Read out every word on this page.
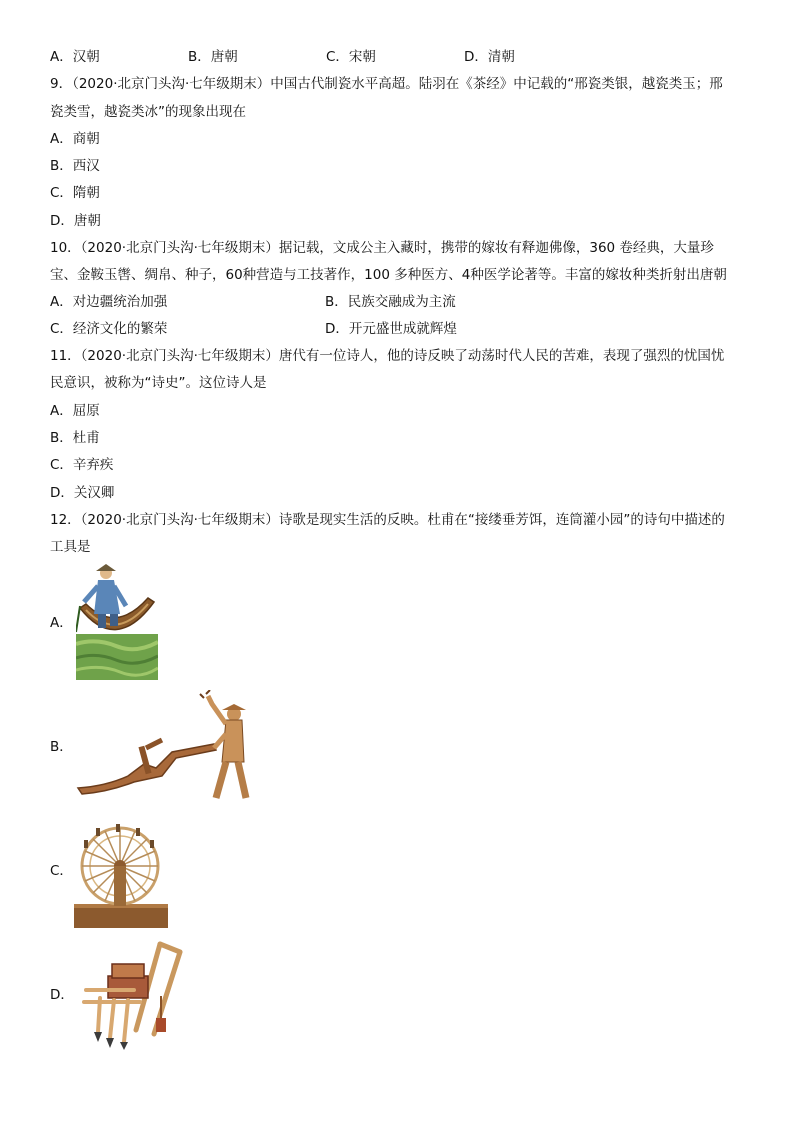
A．汉朝	B．唐朝	C．宋朝	D．清朝
9．（2020·北京门头沟·七年级期末）中国古代制瓷水平高超。陆羽在《茶经》中记载的“邢瓷类银，越瓷类玉；邢
瓷类雪，越瓷类冰”的现象出现在
A．商朝
B．西汉
C．隋朝
D．唐朝
10．（2020·北京门头沟·七年级期末）据记载，文成公主入藏时，携带的嫁妆有释迦佛像，360 卷经典，大量珍
宝、金鞍玉辔、绸帛、种子，60种营造与工技著作，100 多种医方、4种医学论著等。丰富的嫁妆种类折射出唐朝
A．对边疆统治加强	B．民族交融成为主流
C．经济文化的繁荣	D．开元盛世成就辉煌
11．（2020·北京门头沟·七年级期末）唐代有一位诗人，他的诗反映了动荡时代人民的苦难，表现了强烈的忧国忧
民意识，被称为“诗史”。这位诗人是
A．屈原
B．杜甫
C．辛弃疾
D．关汉卿
12．（2020·北京门头沟·七年级期末）诗歌是现实生活的反映。杜甫在“接缕垂芳饵，连筒灌小园”的诗句中描述的
工具是
A．
B．
C．
D．
